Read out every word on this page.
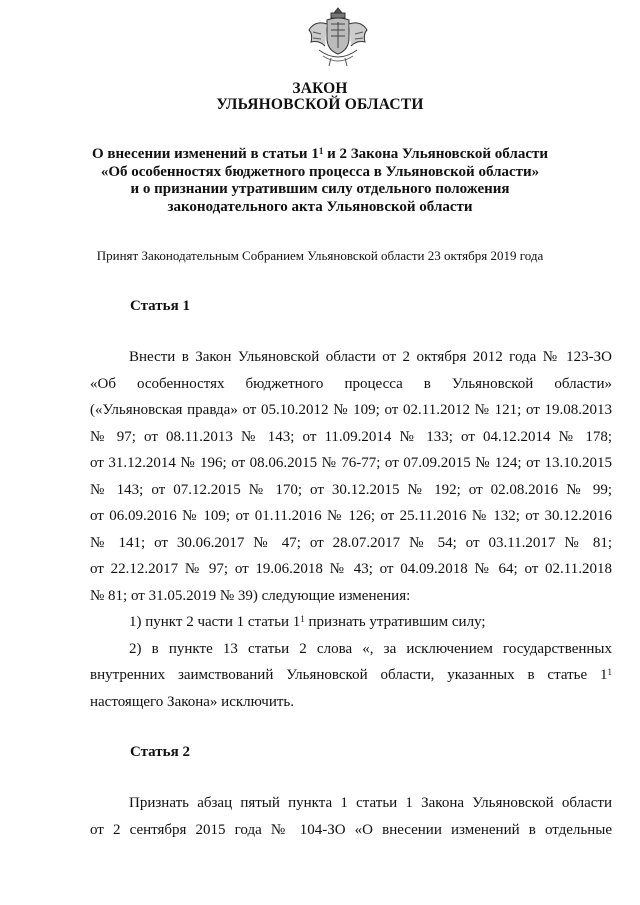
ЗАКОН
УЛЬЯНОВСКОЙ ОБЛАСТИ
О внесении изменений в статьи $1^1$ и 2 Закона Ульяновской области
«Об особенностях бюджетного процесса в Ульяновской области»
и о признании утратившим силу отдельного положения
законодательного акта Ульяновской области
Принят Законодательным Собранием Ульяновской области 23 октября 2019 года
Статья 1
Внести в Закон Ульяновской области от 2 октября 2012 года № 123-ЗО
«Об особенностях бюджетного процесса в Ульяновской области»
(«Ульяновская правда» от 05.10.2012 № 109; от 02.11.2012 № 121; от 19.08.2013
№ 97; от 08.11.2013 № 143; от 11.09.2014 № 133; от 04.12.2014 № 178;
от 31.12.2014 № 196; от 08.06.2015 № 76-77; от 07.09.2015 № 124; от 13.10.2015
№ 143; от 07.12.2015 № 170; от 30.12.2015 № 192; от 02.08.2016 № 99;
от 06.09.2016 № 109; от 01.11.2016 № 126; от 25.11.2016 № 132; от 30.12.2016
№ 141; от 30.06.2017 № 47; от 28.07.2017 № 54; от 03.11.2017 № 81;
от 22.12.2017 № 97; от 19.06.2018 № 43; от 04.09.2018 № 64; от 02.11.2018
№ 81; от 31.05.2019 № 39) следующие изменения:
1) пункт 2 части 1 статьи $1^1$ признать утратившим силу;
2) в пункте 13 статьи 2 слова «, за исключением государственных
внутренних заимствований Ульяновской области, указанных в статье $1^1$
настоящего Закона» исключить.
Статья 2
Признать абзац пятый пункта 1 статьи 1 Закона Ульяновской области
от 2 сентября 2015 года № 104-ЗО «О внесении изменений в отдельные
